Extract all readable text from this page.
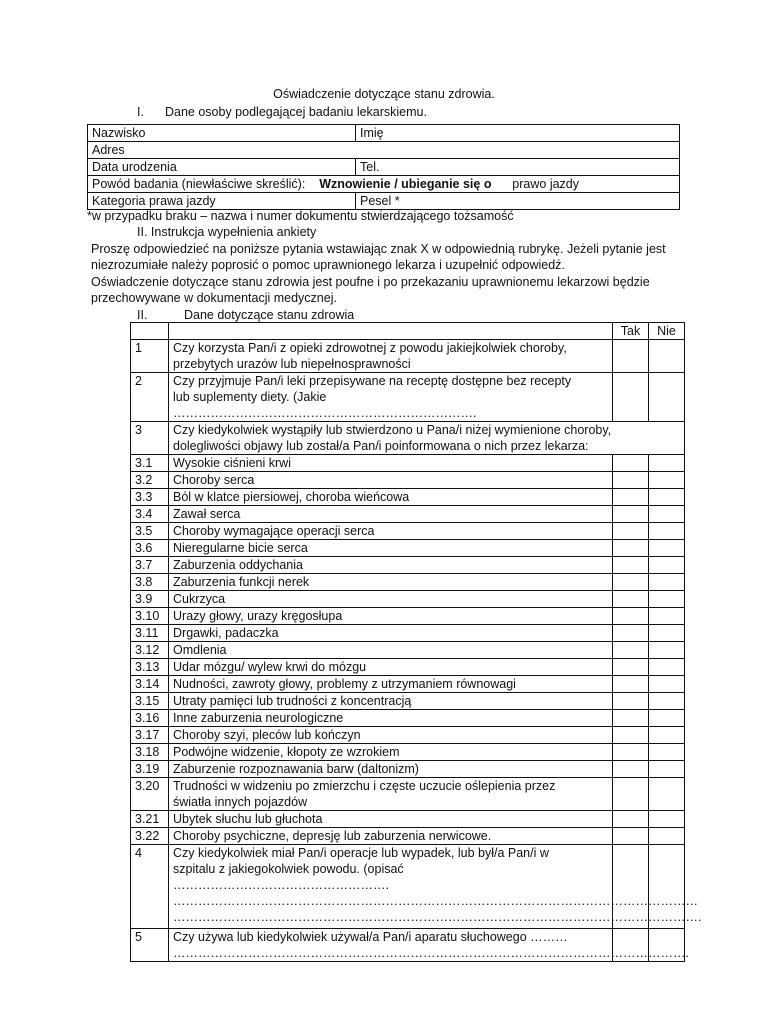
Oświadczenie dotyczące stanu zdrowia.
I. Dane osoby podlegającej badaniu lekarskiemu.
Nazwisko	Imię
Adres	
Data urodzenia	Tel.
Powód badania (niewłaściwe skreślić): Wznowienie / ubieganie się o prawo jazdy	
Kategoria prawa jazdy	Pesel *
*w przypadku braku – nazwa i numer dokumentu stwierdzającego tożsamość
II. Instrukcja wypełnienia ankiety
Proszę odpowiedzieć na poniższe pytania wstawiając znak X w odpowiednią rubrykę. Jeżeli pytanie jest niezrozumiałe należy poprosić o pomoc uprawnionego lekarza i uzupełnić odpowiedź.
Oświadczenie dotyczące stanu zdrowia jest poufne i po przekazaniu uprawnionemu lekarzowi będzie przechowywane w dokumentacji medycznej.
II.	Dane dotyczące stanu zdrowia
		Tak	Nie
1	Czy korzysta Pan/i z opieki zdrowotnej z powodu jakiejkolwiek choroby,
przebytych urazów lub niepełnosprawności		
2	Czy przyjmuje Pan/i leki przepisywane na receptę dostępne bez recepty
lub suplementy diety. (Jakie ……………………………………………………………….		
3	Czy kiedykolwiek wystąpiły lub stwierdzono u Pana/i niżej wymienione choroby,
dolegliwości objawy lub został/a Pan/i poinformowana o nich przez lekarza:		
3.1	Wysokie ciśnieni krwi		
3.2	Choroby serca		
3.3	Ból w klatce piersiowej, choroba wieńcowa		
3.4	Zawał serca		
3.5	Choroby wymagające operacji serca		
3.6	Nieregularne bicie serca		
3.7	Zaburzenia oddychania		
3.8	Zaburzenia funkcji nerek		
3.9	Cukrzyca		
3.10	Urazy głowy, urazy kręgosłupa		
3.11	Drgawki, padaczka		
3.12	Omdlenia		
3.13	Udar mózgu/ wylew krwi do mózgu		
3.14	Nudności, zawroty głowy, problemy z utrzymaniem równowagi		
3.15	Utraty pamięci lub trudności z koncentracją		
3.16	Inne zaburzenia neurologiczne		
3.17	Choroby szyi, pleców lub kończyn		
3.18	Podwójne widzenie, kłopoty ze wzrokiem		
3.19	Zaburzenie rozpoznawania barw (daltonizm)		
3.20	Trudności w widzeniu po zmierzchu i częste uczucie oślepienia przez
światła innych pojazdów		
3.21	Ubytek słuchu lub głuchota		
3.22	Choroby psychiczne, depresję lub zaburzenia nerwicowe.		
4	Czy kiedykolwiek miał Pan/i operacje lub wypadek, lub był/a Pan/i w
szpitalu z jakiegokolwiek powodu. (opisać …………………………………………….
………………………………………………………………………………………………………………
……………………………………………………………………………………………………………….		
5	Czy używa lub kiedykolwiek używał/a Pan/i aparatu słuchowego ………
…………………………………………………………………………………………………………….		
